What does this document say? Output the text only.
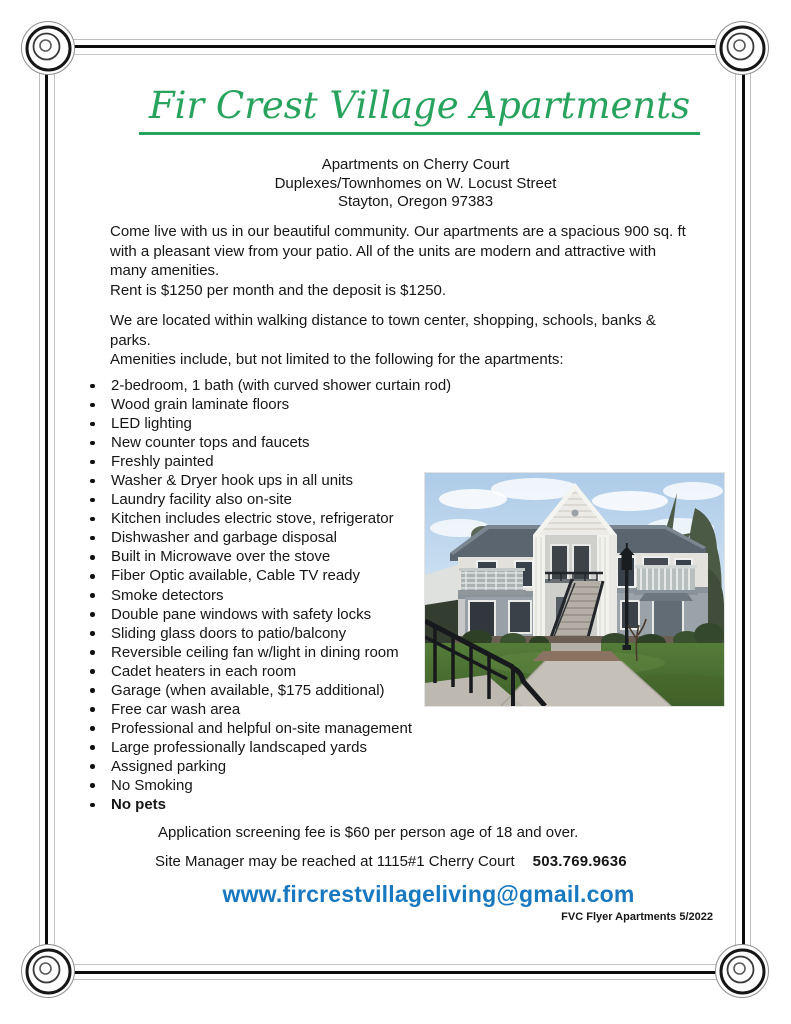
Fir Crest Village Apartments
Apartments on Cherry Court
Duplexes/Townhomes on W. Locust Street
Stayton, Oregon 97383
Come live with us in our beautiful community. Our apartments are a spacious 900 sq. ft
with a pleasant view from your patio. All of the units are modern and attractive with
many amenities.
Rent is $1250 per month and the deposit is $1250.
We are located within walking distance to town center, shopping, schools, banks &
parks.
Amenities include, but not limited to the following for the apartments:
2-bedroom, 1 bath (with curved shower curtain rod)
Wood grain laminate floors
LED lighting
New counter tops and faucets
Freshly painted
Washer & Dryer hook ups in all units
Laundry facility also on-site
Kitchen includes electric stove, refrigerator
Dishwasher and garbage disposal
Built in Microwave over the stove
Fiber Optic available, Cable TV ready
Smoke detectors
Double pane windows with safety locks
Sliding glass doors to patio/balcony
Reversible ceiling fan w/light in dining room
Cadet heaters in each room
Garage (when available, $175 additional)
Free car wash area
Professional and helpful on-site management
Large professionally landscaped yards
Assigned parking
No Smoking
No pets
Application screening fee is $60 per person age of 18 and over.
Site Manager may be reached at 1115#1 Cherry Court 503.769.9636
www.fircrestvillageliving@gmail.com
FVC Flyer Apartments 5/2022
